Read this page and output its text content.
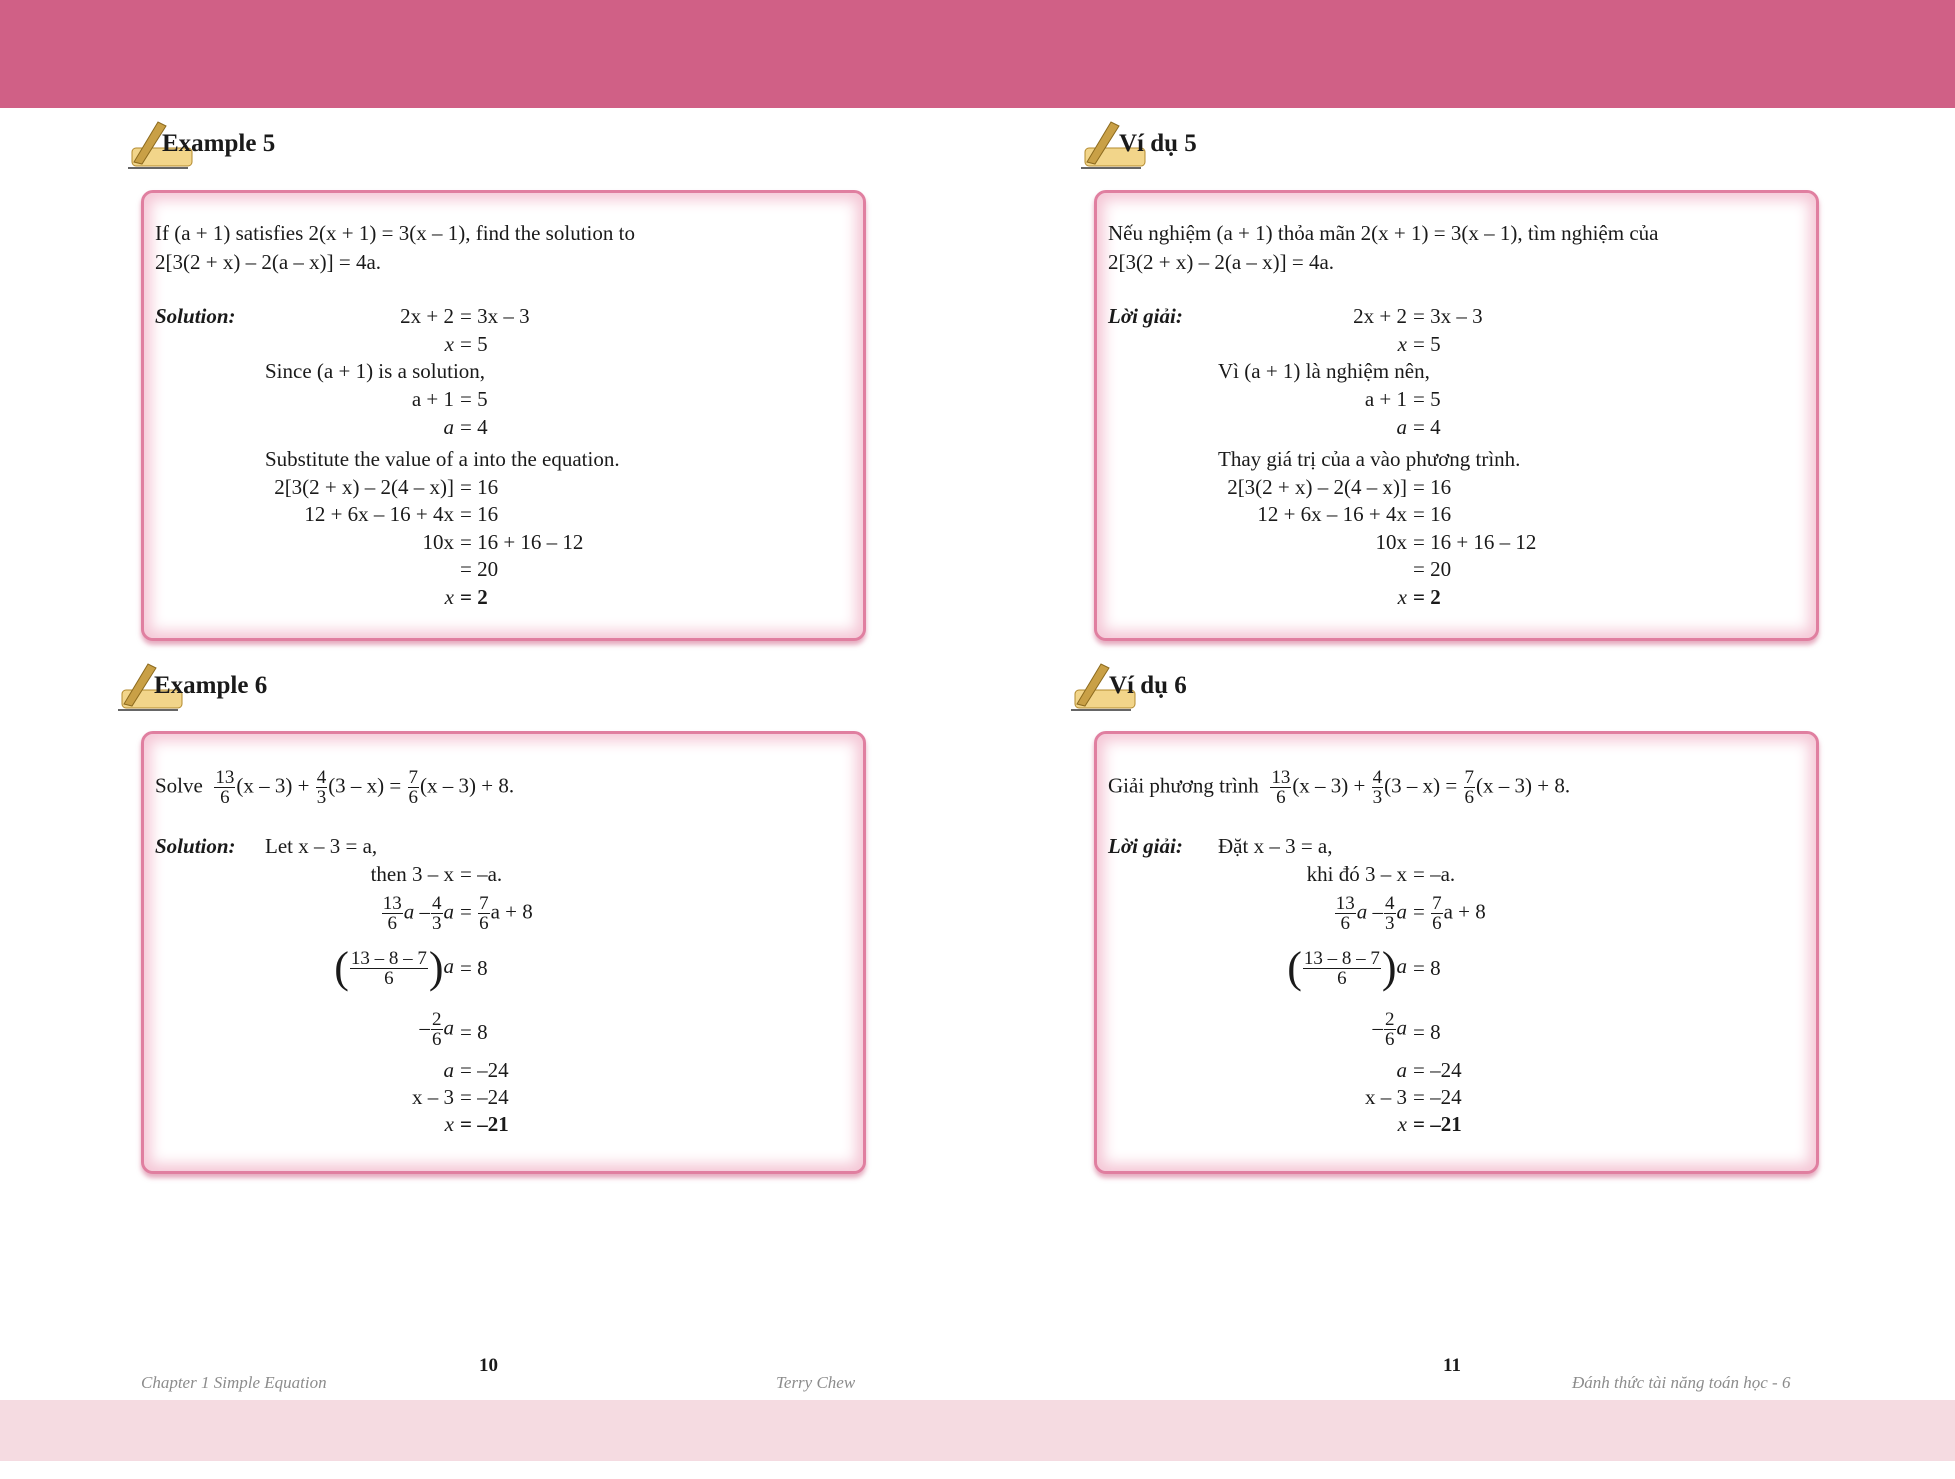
Example 5
If (a + 1) satisfies 2(x + 1) = 3(x – 1), find the solution to
2[3(2 + x) – 2(a – x)] = 4a.
Solution:
Since (a + 1) is a solution,
Substitute the value of a into the equation.
2x + 2 = 3x – 3
x = 5
a + 1 = 5
a = 4
2[3(2 + x) – 2(4 – x)] = 16
12 + 6x – 16 + 4x = 16
10x = 16 + 16 – 12
= 20
x = 2
Example 6
Solve $\frac{13}{6} (x - 3) + \frac{4}{3} (3 - x) = \frac{7}{6} (x - 3) + 8$.
Solution: Let x – 3 = a,
then 3 – x = –a.
$\frac{13}{6}$ a – $\frac{4}{3}$ $a = \frac{7}{6}$ a + 8
( $\frac{13 - 8 - 7}{6} )a = 8$
– $\frac{2}{6}$ a = 8
a = –24
x – 3 = –24
x = –21
10
Chapter 1 Simple Equation	Terry Chew
Ví dụ 5
Nếu nghiệm (a + 1) thỏa mãn 2(x + 1) = 3(x – 1), tìm nghiệm của
2[3(2 + x) – 2(a – x)] = 4a.
Lời giải:
Vì (a + 1) là nghiệm nên,
Thay giá trị của a vào phương trình.
2x + 2 = 3x – 3
x = 5
a + 1 = 5
a = 4
2[3(2 + x) – 2(4 – x)] = 16
12 + 6x – 16 + 4x = 16
10x = 16 + 16 – 12
= 20
x = 2
Ví dụ 6
Giải phương trình $\frac{13}{6} (x - 3) + \frac{4}{3} (3 - x) = \frac{7}{6} (x - 3) + 8$.
Lời giải: Đặt x – 3 = a,
khi đó 3 – x = –a.
$\frac{13}{6}$ a – $\frac{4}{3}$ $a = \frac{7}{6}$ a + 8
( $\frac{13 - 8 - 7}{6} )a = 8$
– $\frac{2}{6}$ a = 8
a = –24
x – 3 = –24
x = –21
11
Đánh thức tài năng toán học - 6
